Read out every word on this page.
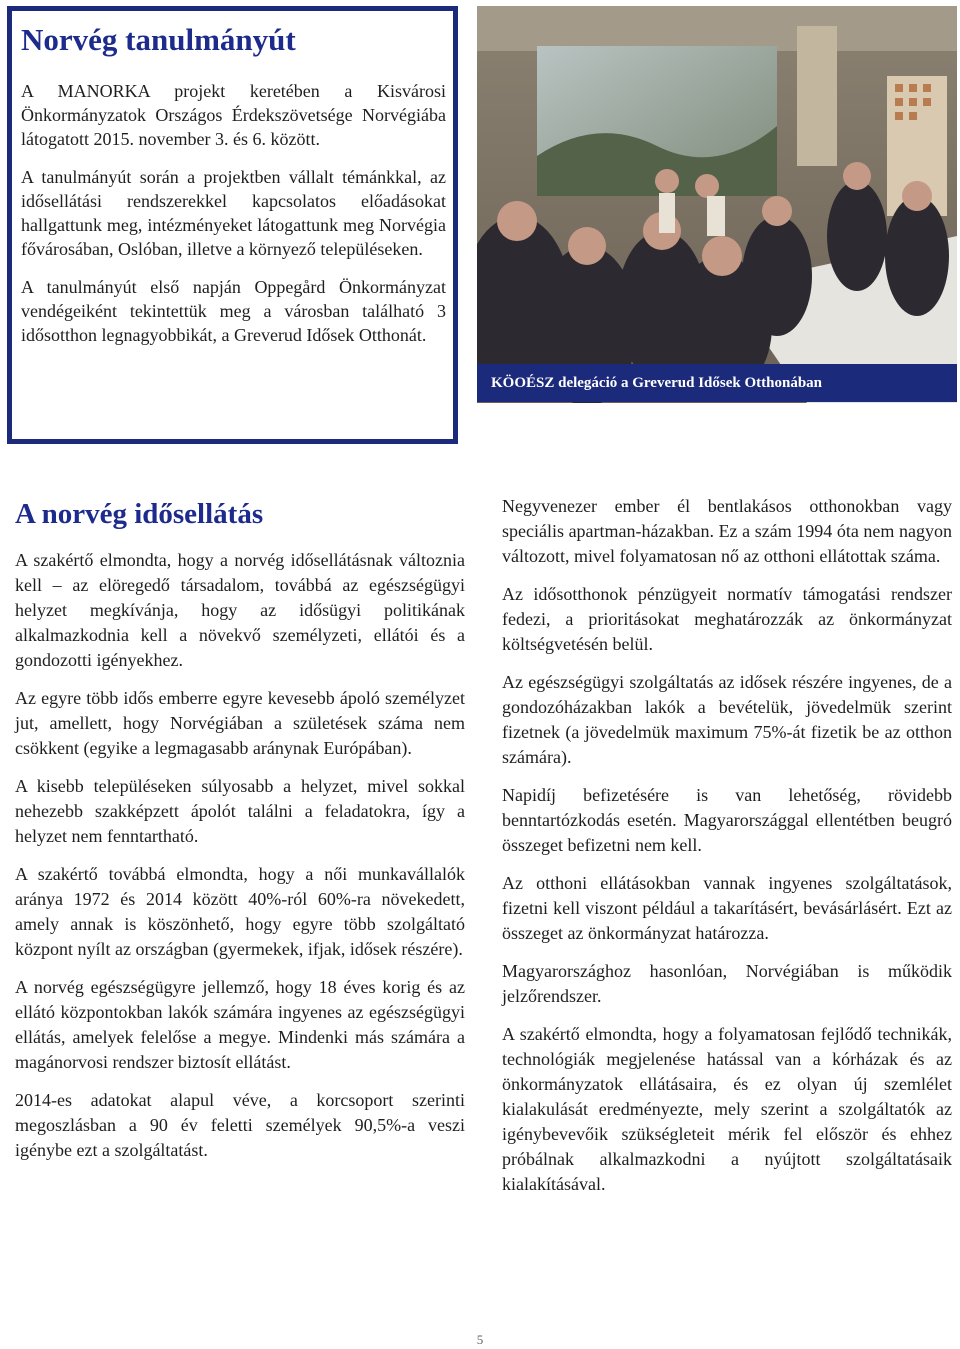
Norvég tanulmányút

A MANORKA projekt keretében a Kisvárosi Önkormányzatok Országos Érdekszövetsége Norvégiába látogatott 2015. november 3. és 6. között.

A tanulmányút során a projektben vállalt témánkkal, az idősellátási rendszerekkel kapcsolatos előadásokat hallgattunk meg, intézményeket látogattunk meg Norvégia fővárosában, Oslóban, illetve a környező településeken.

A tanulmányút első napján Oppegård Önkormányzat vendégeiként tekintettük meg a városban található 3 idősotthon legnagyobbikát, a Greverud Idősek Otthonát.

KÖOÉSZ delegáció a Greverud Idősek Otthonában
A norvég idősellátás

A szakértő elmondta, hogy a norvég idősellátásnak változnia kell – az elöregedő társadalom, továbbá az egészségügyi helyzet megkívánja, hogy az idősügyi politikának alkalmazkodnia kell a növekvő személyzeti, ellátói és a gondozotti igényekhez.

Az egyre több idős emberre egyre kevesebb ápoló személyzet jut, amellett, hogy Norvégiában a születések száma nem csökkent (egyike a legmagasabb aránynak Európában).

A kisebb településeken súlyosabb a helyzet, mivel sokkal nehezebb szakképzett ápolót találni a feladatokra, így a helyzet nem fenntartható.

A szakértő továbbá elmondta, hogy a női munkavállalók aránya 1972 és 2014 között 40%-ról 60%-ra növekedett, amely annak is köszönhető, hogy egyre több szolgáltató központ nyílt az országban (gyermekek, ifjak, idősek részére).

A norvég egészségügyre jellemző, hogy 18 éves korig és az ellátó központokban lakók számára ingyenes az egészségügyi ellátás, amelyek felelőse a megye. Mindenki más számára a magánorvosi rendszer biztosít ellátást.

2014-es adatokat alapul véve, a korcsoport szerinti megoszlásban a 90 év feletti személyek 90,5%-a veszi igénybe ezt a szolgáltatást.

Negyvenezer ember él bentlakásos otthonokban vagy speciális apartman-házakban. Ez a szám 1994 óta nem nagyon változott, mivel folyamatosan nő az otthoni ellátottak száma.

Az idősotthonok pénzügyeit normatív támogatási rendszer fedezi, a prioritásokat meghatározzák az önkormányzat költségvetésén belül.

Az egészségügyi szolgáltatás az idősek részére ingyenes, de a gondozóházakban lakók a bevételük, jövedelmük szerint fizetnek (a jövedelmük maximum 75%-át fizetik be az otthon számára).

Napidíj befizetésére is van lehetőség, rövidebb benntartózkodás esetén. Magyarországgal ellentétben beugró összeget befizetni nem kell.

Az otthoni ellátásokban vannak ingyenes szolgáltatások, fizetni kell viszont például a takarításért, bevásárlásért. Ezt az összeget az önkormányzat határozza.

Magyarországhoz hasonlóan, Norvégiában is működik jelzőrendszer.

A szakértő elmondta, hogy a folyamatosan fejlődő technikák, technológiák megjelenése hatással van a kórházak és az önkormányzatok ellátásaira, és ez olyan új szemlélet kialakulását eredményezte, mely szerint a szolgáltatók az igénybevevőik szükségleteit mérik fel először és ehhez próbálnak alkalmazkodni a nyújtott szolgáltatásaik kialakításával.

5
